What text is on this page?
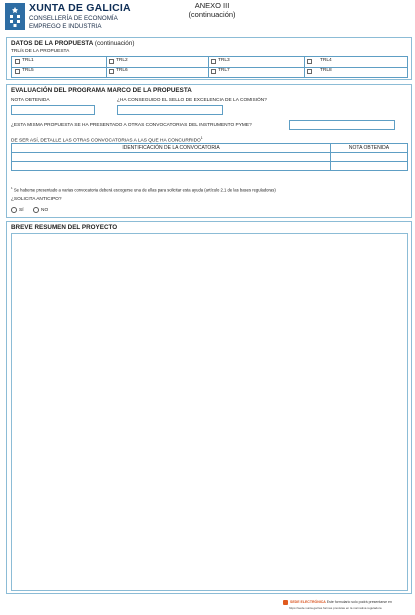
XUNTA DE GALICIA
CONSELLERÍA DE ECONOMÍA
EMPREGO E INDUSTRIA
ANEXO III
(continuación)
DATOS DE LA PROPUESTA (continuación)
TRL/s DE LA PROPUESTA
TRL1	TRL2	TRL3	TRL4
TRL5	TRL6	TRL7	TRL8
EVALUACIÓN DEL PROGRAMA MARCO DE LA PROPUESTA
NOTA OBTENIDA	¿HA CONSEGUIDO EL SELLO DE EXCELENCIA DE LA COMISIÓN?
¿ESTA MISMA PROPUESTA SE HA PRESENTADO A OTRAS CONVOCATORIAS DEL INSTRUMENTO PYME?
DE SER ASÍ, DETALLE LAS OTRAS CONVOCATORIAS A LAS QUE HA CONCURRIDO$^1$
IDENTIFICACIÓN DE LA CONVOCATORIA	NOTA OBTENIDA
$^1$ Se haberse presentado a varias convocatoria deberá escogerse una de ellas para solicitar esta ayuda (artículo 2.1 de las bases reguladoras)
¿SOLICITA ANTICIPO?
SÍ	NO
BREVE RESUMEN DEL PROYECTO
SEDE ELECTRÓNICA Este formulario solo podrá presentarse en
https://sede.xunta.gal las formas previstas en la normativa reguladora
